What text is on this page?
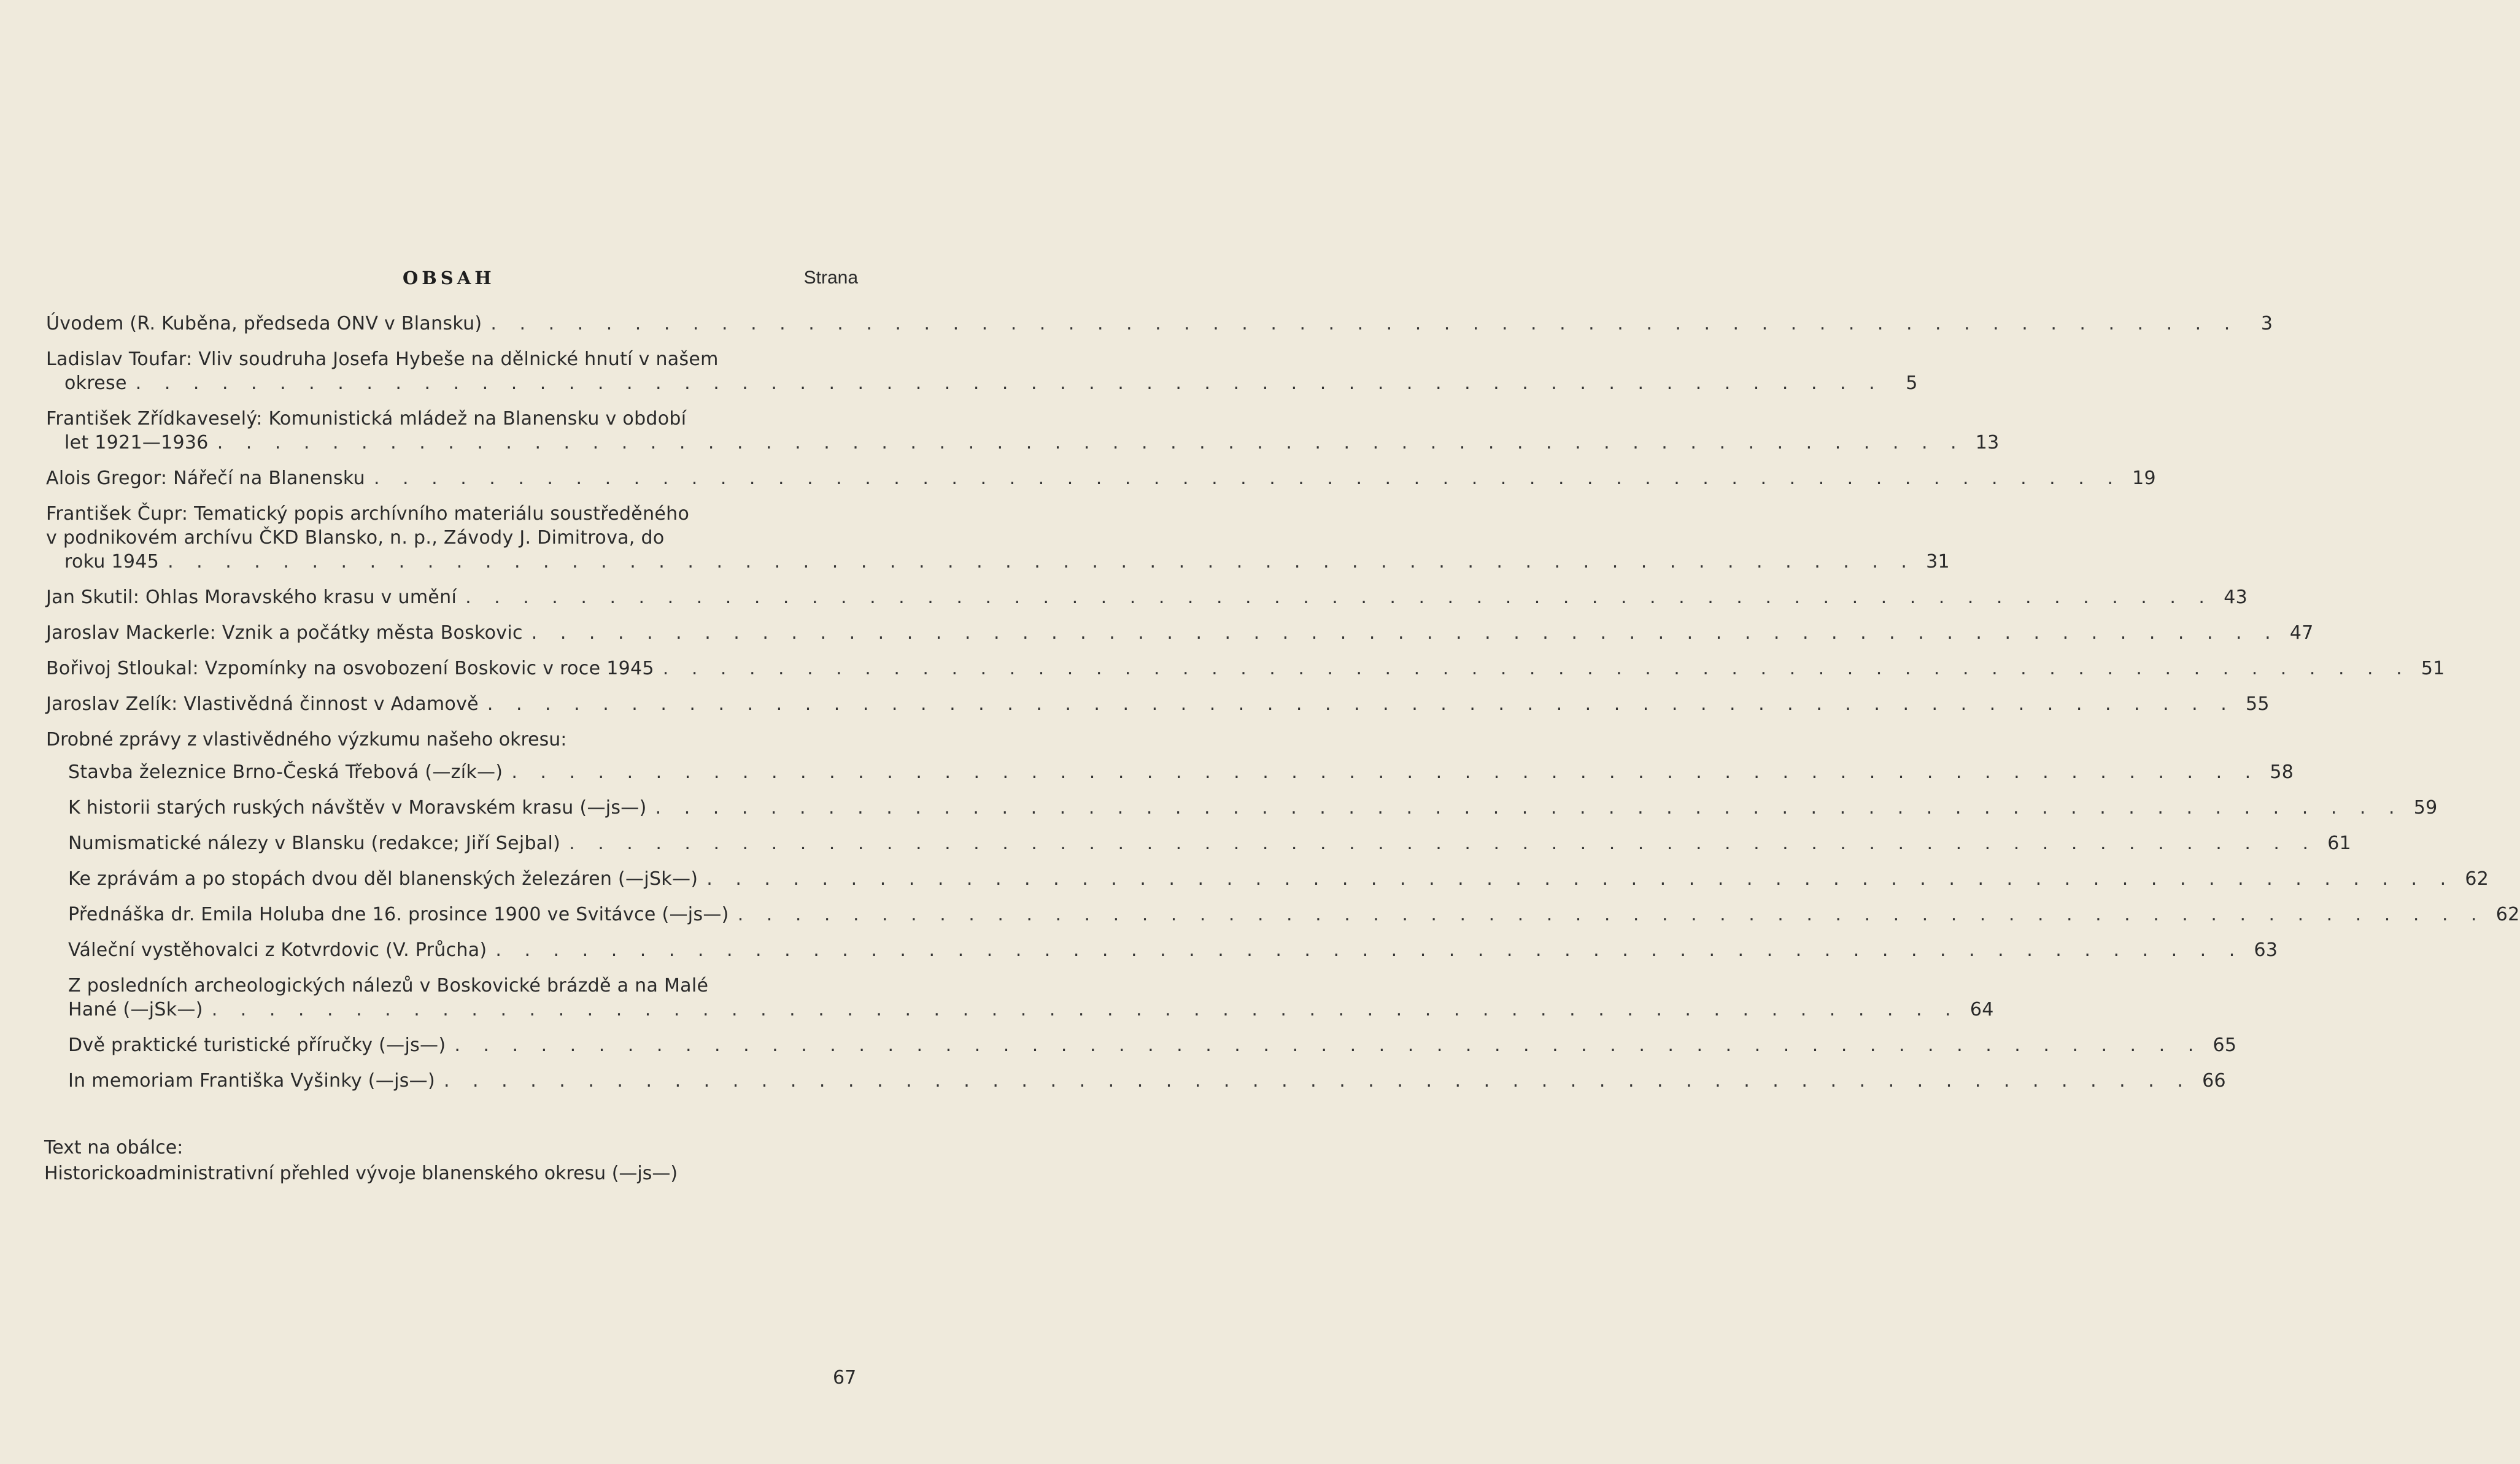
OBSAH	Strana
Úvodem (R. Kuběna, předseda ONV v Blansku) . . . . . . . . . . . . . . . . . . . . . . . . . . . . . . . . . . . . . . . . . . . . . . . . . . . . . . . . . . . . .	3
Ladislav Toufar: Vliv soudruha Josefa Hybeše na dělnické hnutí v našem
okrese . . . . . . . . . . . . . . . . . . . . . . . . . . . . . . . . . . . . . . . . . . . . . . . . . . . . . . . . . . . . .	5
František Zřídkaveselý: Komunistická mládež na Blanensku v období
let 1921—1936 . . . . . . . . . . . . . . . . . . . . . . . . . . . . . . . . . . . . . . . . . . . . . . . . . . . . . . . . . . . . . 13
Alois Gregor: Nářečí na Blanensku . . . . . . . . . . . . . . . . . . . . . . . . . . . . . . . . . . . . . . . . . . . . . . . . . . . . . . . . . . . . . 19
František Čupr: Tematický popis archívního materiálu soustředěného
v podnikovém archívu ČKD Blansko, n. p., Závody J. Dimitrova, do
roku 1945 . . . . . . . . . . . . . . . . . . . . . . . . . . . . . . . . . . . . . . . . . . . . . . . . . . . . . . . . . . . . . 31
Jan Skutil: Ohlas Moravského krasu v umění . . . . . . . . . . . . . . . . . . . . . . . . . . . . . . . . . . . . . . . . . . . . . . . . . . . . . . . . . . . . . 43
Jaroslav Mackerle: Vznik a počátky města Boskovic . . . . . . . . . . . . . . . . . . . . . . . . . . . . . . . . . . . . . . . . . . . . . . . . . . . . . . . . . . . . . 47
Bořivoj Stloukal: Vzpomínky na osvobození Boskovic v roce 1945 . . . . . . . . . . . . . . . . . . . . . . . . . . . . . . . . . . . . . . . . . . . . . . . . . . . . . . . . . . . . . 51
Jaroslav Zelík: Vlastivědná činnost v Adamově . . . . . . . . . . . . . . . . . . . . . . . . . . . . . . . . . . . . . . . . . . . . . . . . . . . . . . . . . . . . . 55
Drobné zprávy z vlastivědného výzkumu našeho okresu:
Stavba železnice Brno-Česká Třebová (—zík—) . . . . . . . . . . . . . . . . . . . . . . . . . . . . . . . . . . . . . . . . . . . . . . . . . . . . . . . . . . . . . 58
K historii starých ruských návštěv v Moravském krasu (—js—) . . . . . . . . . . . . . . . . . . . . . . . . . . . . . . . . . . . . . . . . . . . . . . . . . . . . . . . . . . . . . 59
Numismatické nálezy v Blansku (redakce; Jiří Sejbal) . . . . . . . . . . . . . . . . . . . . . . . . . . . . . . . . . . . . . . . . . . . . . . . . . . . . . . . . . . . . . 61
Ke zprávám a po stopách dvou děl blanenských železáren (—jSk—) . . . . . . . . . . . . . . . . . . . . . . . . . . . . . . . . . . . . . . . . . . . . . . . . . . . . . . . . . . . . . 62
Přednáška dr. Emila Holuba dne 16. prosince 1900 ve Svitávce (—js—) . . . . . . . . . . . . . . . . . . . . . . . . . . . . . . . . . . . . . . . . . . . . . . . . . . . . . . . . . . . . . 62
Váleční vystěhovalci z Kotvrdovic (V. Průcha) . . . . . . . . . . . . . . . . . . . . . . . . . . . . . . . . . . . . . . . . . . . . . . . . . . . . . . . . . . . . . 63
Z posledních archeologických nálezů v Boskovické brázdě a na Malé
Hané (—jSk—) . . . . . . . . . . . . . . . . . . . . . . . . . . . . . . . . . . . . . . . . . . . . . . . . . . . . . . . . . . . . . 64
Dvě praktické turistické příručky (—js—) . . . . . . . . . . . . . . . . . . . . . . . . . . . . . . . . . . . . . . . . . . . . . . . . . . . . . . . . . . . . . 65
In memoriam Františka Vyšinky (—js—) . . . . . . . . . . . . . . . . . . . . . . . . . . . . . . . . . . . . . . . . . . . . . . . . . . . . . . . . . . . . . 66
Text na obálce:
Historickoadministrativní přehled vývoje blanenského okresu (—js—)
67
